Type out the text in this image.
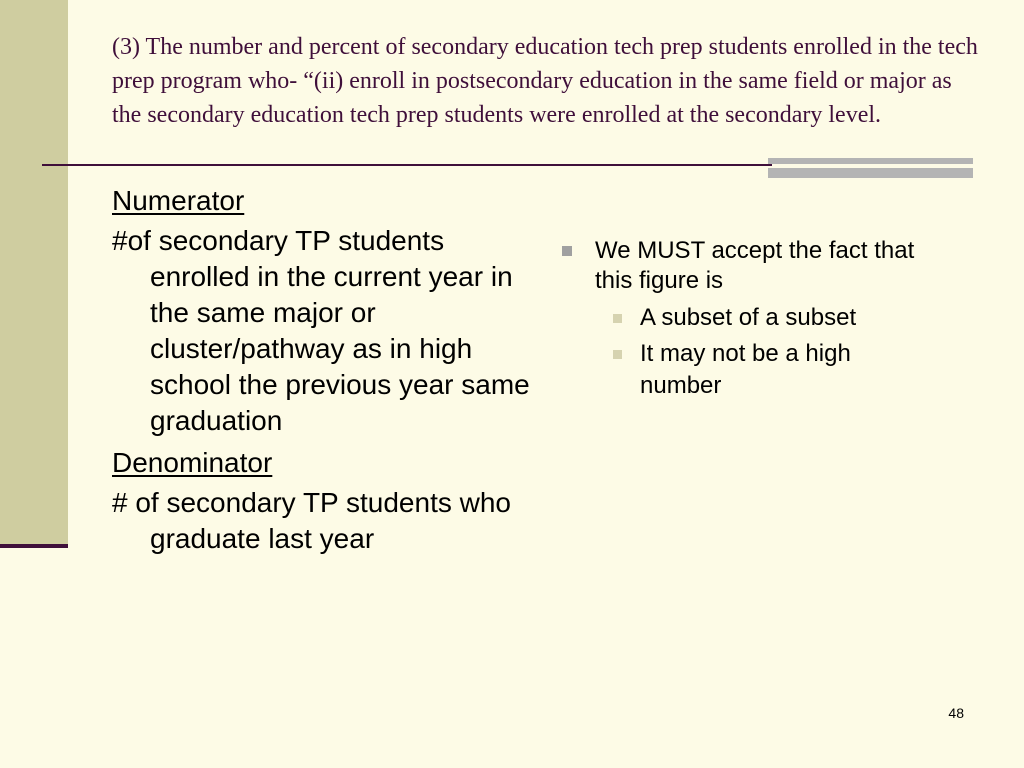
(3) The number and percent of secondary education tech prep students enrolled in the tech prep program who- “(ii) enroll in postsecondary education in the same field or major as the secondary education tech prep students were enrolled at the secondary level.

Numerator

#of secondary TP students enrolled in the current year in the same major or cluster/pathway as in high school the previous year same graduation

Denominator

# of secondary TP students who graduate last year

We MUST accept the fact that this figure is
A subset of a subset
It may not be a high number
48
